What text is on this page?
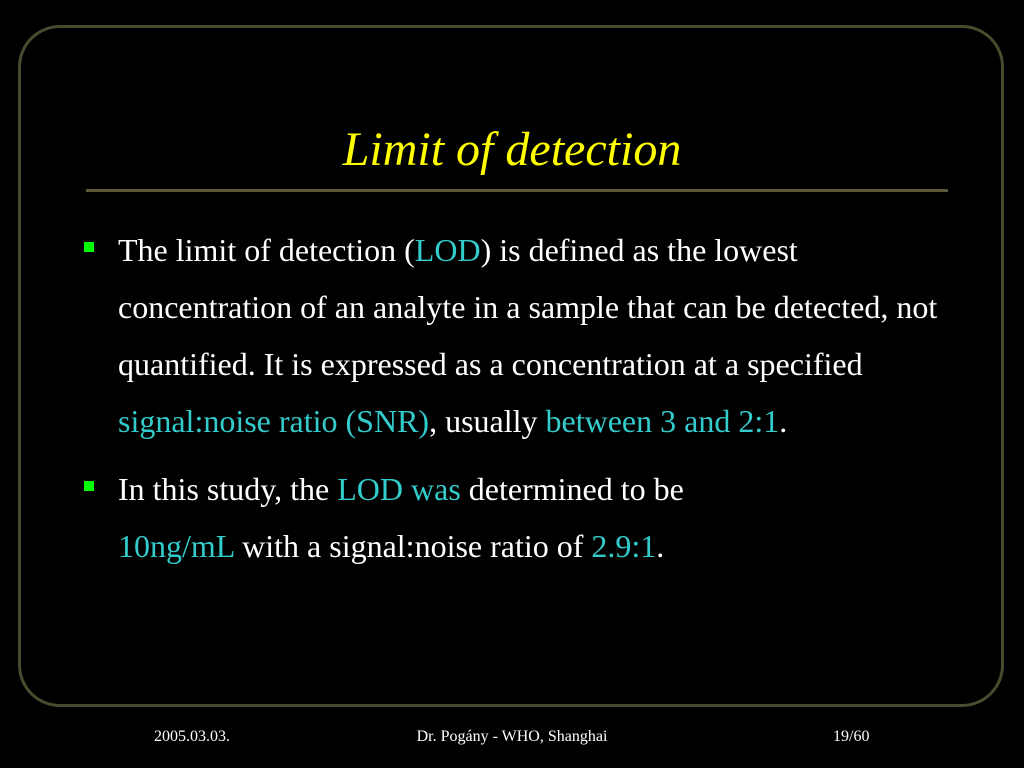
Limit of detection
The limit of detection (LOD) is defined as the lowest concentration of an analyte in a sample that can be detected, not quantified. It is expressed as a concentration at a specified signal:noise ratio (SNR), usually between 3 and 2:1.
In this study, the LOD was determined to be
10ng/mL with a signal:noise ratio of 2.9:1.
2005.03.03.	Dr. Pogány - WHO, Shanghai	19/60
